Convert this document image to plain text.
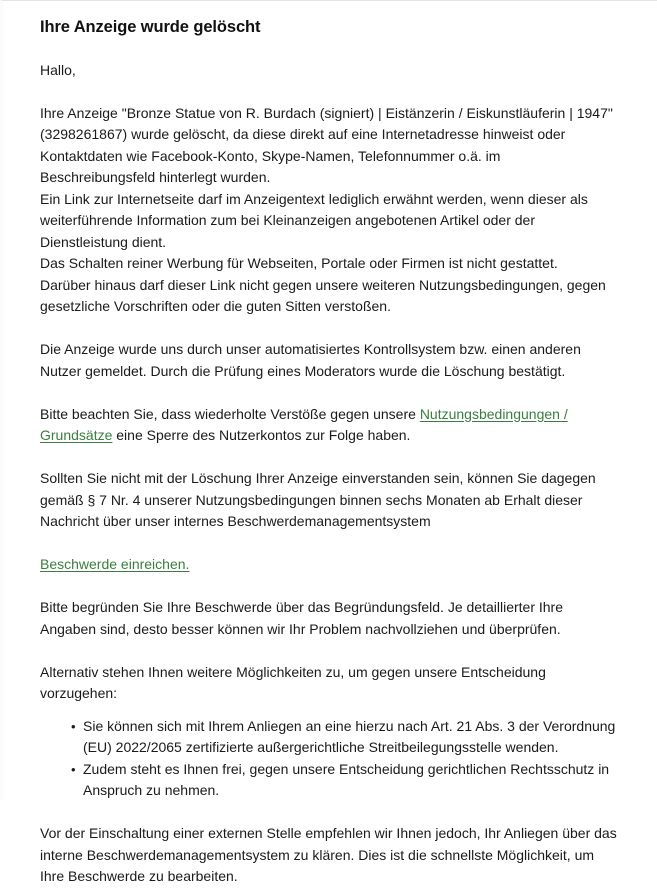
Ihre Anzeige wurde gelöscht

Hallo,

Ihre Anzeige "Bronze Statue von R. Burdach (signiert) | Eistänzerin / Eiskunstläuferin | 1947" (3298261867) wurde gelöscht, da diese direkt auf eine Internetadresse hinweist oder Kontaktdaten wie Facebook-Konto, Skype-Namen, Telefonnummer o.ä. im Beschreibungsfeld hinterlegt wurden.

Ein Link zur Internetseite darf im Anzeigentext lediglich erwähnt werden, wenn dieser als weiterführende Information zum bei Kleinanzeigen angebotenen Artikel oder der Dienstleistung dient.

Das Schalten reiner Werbung für Webseiten, Portale oder Firmen ist nicht gestattet.

Darüber hinaus darf dieser Link nicht gegen unsere weiteren Nutzungsbedingungen, gegen gesetzliche Vorschriften oder die guten Sitten verstoßen.

Die Anzeige wurde uns durch unser automatisiertes Kontrollsystem bzw. einen anderen Nutzer gemeldet. Durch die Prüfung eines Moderators wurde die Löschung bestätigt.

Bitte beachten Sie, dass wiederholte Verstöße gegen unsere Nutzungsbedingungen / Grundsätze eine Sperre des Nutzerkontos zur Folge haben.

Sollten Sie nicht mit der Löschung Ihrer Anzeige einverstanden sein, können Sie dagegen gemäß § 7 Nr. 4 unserer Nutzungsbedingungen binnen sechs Monaten ab Erhalt dieser Nachricht über unser internes Beschwerdemanagementsystem

Beschwerde einreichen.

Bitte begründen Sie Ihre Beschwerde über das Begründungsfeld. Je detaillierter Ihre Angaben sind, desto besser können wir Ihr Problem nachvollziehen und überprüfen.

Alternativ stehen Ihnen weitere Möglichkeiten zu, um gegen unsere Entscheidung vorzugehen:

• Sie können sich mit Ihrem Anliegen an eine hierzu nach Art. 21 Abs. 3 der Verordnung (EU) 2022/2065 zertifizierte außergerichtliche Streitbeilegungsstelle wenden.
• Zudem steht es Ihnen frei, gegen unsere Entscheidung gerichtlichen Rechtsschutz in Anspruch zu nehmen.

Vor der Einschaltung einer externen Stelle empfehlen wir Ihnen jedoch, Ihr Anliegen über das interne Beschwerdemanagementsystem zu klären. Dies ist die schnellste Möglichkeit, um Ihre Beschwerde zu bearbeiten.
